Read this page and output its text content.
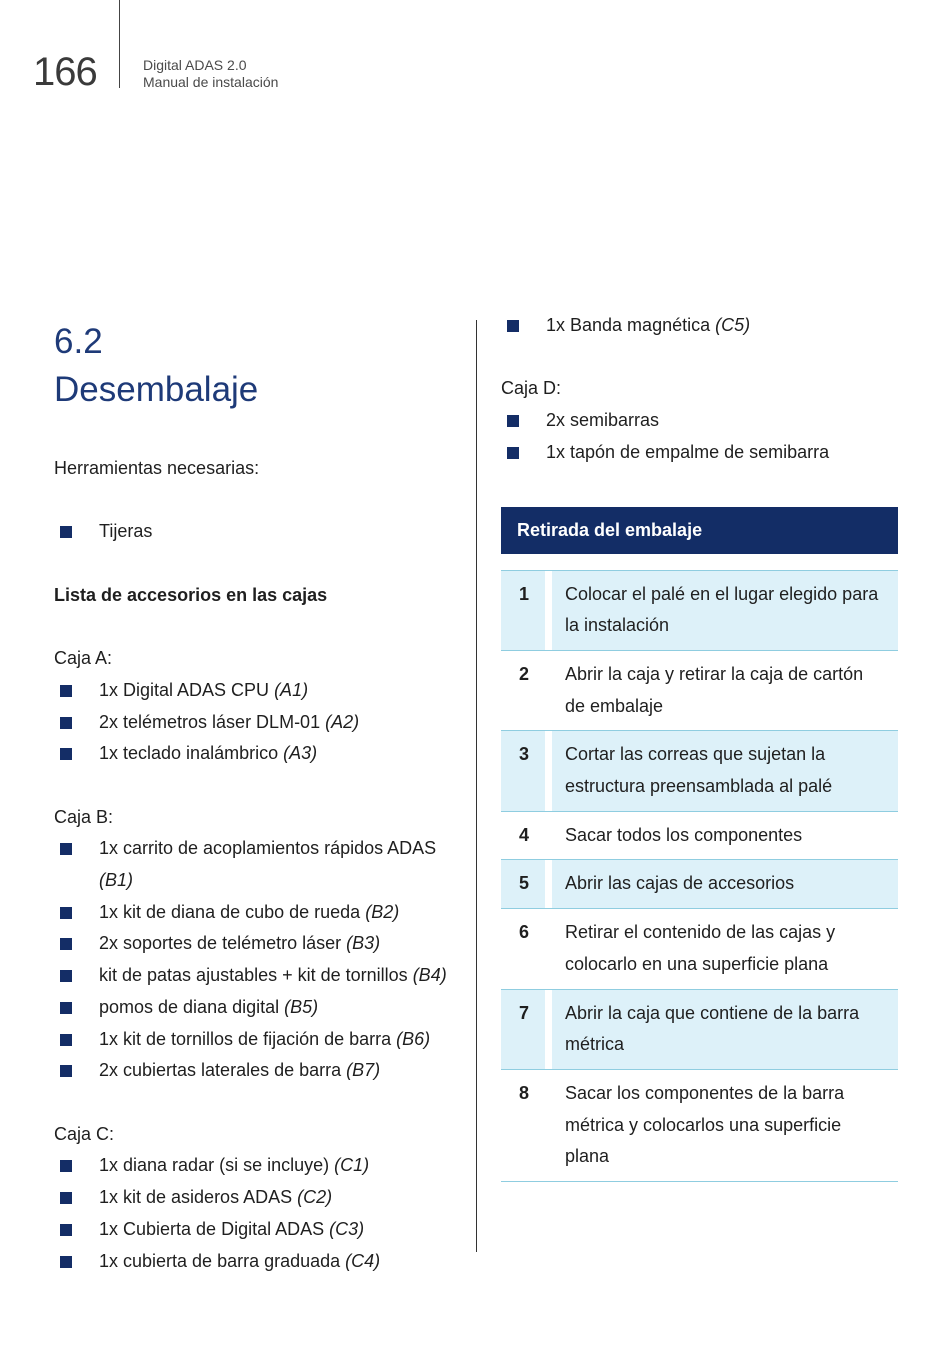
166	Digital ADAS 2.0
Manual de instalación
6.2
Desembalaje
Herramientas necesarias:
Tijeras
Lista de accesorios en las cajas
Caja A:
1x Digital ADAS CPU (A1)
2x telémetros láser DLM-01 (A2)
1x teclado inalámbrico (A3)
Caja B:
1x carrito de acoplamientos rápidos ADAS (B1)
1x kit de diana de cubo de rueda (B2)
2x soportes de telémetro láser (B3)
kit de patas ajustables + kit de tornillos (B4)
pomos de diana digital (B5)
1x kit de tornillos de fijación de barra (B6)
2x cubiertas laterales de barra (B7)
Caja C:
1x diana radar (si se incluye) (C1)
1x kit de asideros ADAS (C2)
1x Cubierta de Digital ADAS (C3)
1x cubierta de barra graduada (C4)
1x Banda magnética (C5)
Caja D:
2x semibarras
1x tapón de empalme de semibarra
Retirada del embalaje
1	Colocar el palé en el lugar elegido para la instalación
2	Abrir la caja y retirar la caja de cartón de embalaje
3	Cortar las correas que sujetan la estructura preensamblada al palé
4	Sacar todos los componentes
5	Abrir las cajas de accesorios
6	Retirar el contenido de las cajas y colocarlo en una superficie plana
7	Abrir la caja que contiene de la barra métrica
8	Sacar los componentes de la barra métrica y colocarlos una superficie plana
